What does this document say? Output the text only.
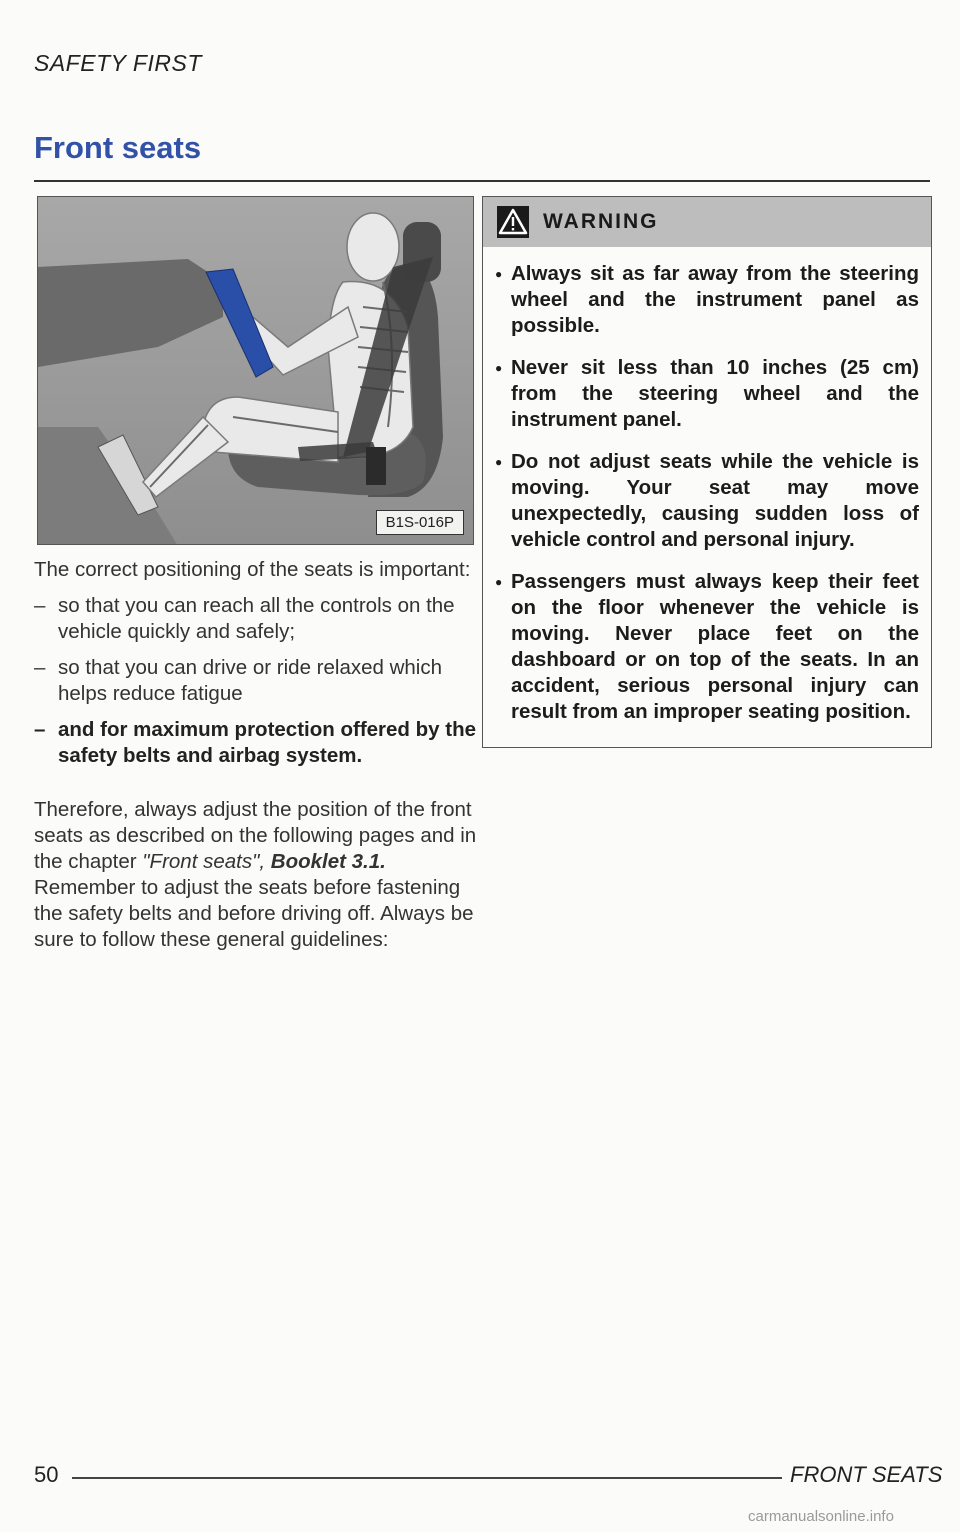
SAFETY FIRST
Front seats
B1S-016P

The correct positioning of the seats is important:

– so that you can reach all the controls on the vehicle quickly and safely;
– so that you can drive or ride relaxed which helps reduce fatigue
– and for maximum protection offered by the safety belts and airbag system.

Therefore, always adjust the position of the front seats as described on the following pages and in the chapter "Front seats", Booklet 3.1.

Remember to adjust the seats before fastening the safety belts and before driving off. Always be sure to follow these general guidelines:

WARNING
● Always sit as far away from the steering wheel and the instrument panel as possible.
● Never sit less than 10 inches (25 cm) from the steering wheel and the instrument panel.
● Do not adjust seats while the vehicle is moving. Your seat may move unexpectedly, causing sudden loss of vehicle control and personal injury.
● Passengers must always keep their feet on the floor whenever the vehicle is moving. Never place feet on the dashboard or on top of the seats. In an accident, serious personal injury can result from an improper seating position.
50	FRONT SEATS
carmanualsonline.info
